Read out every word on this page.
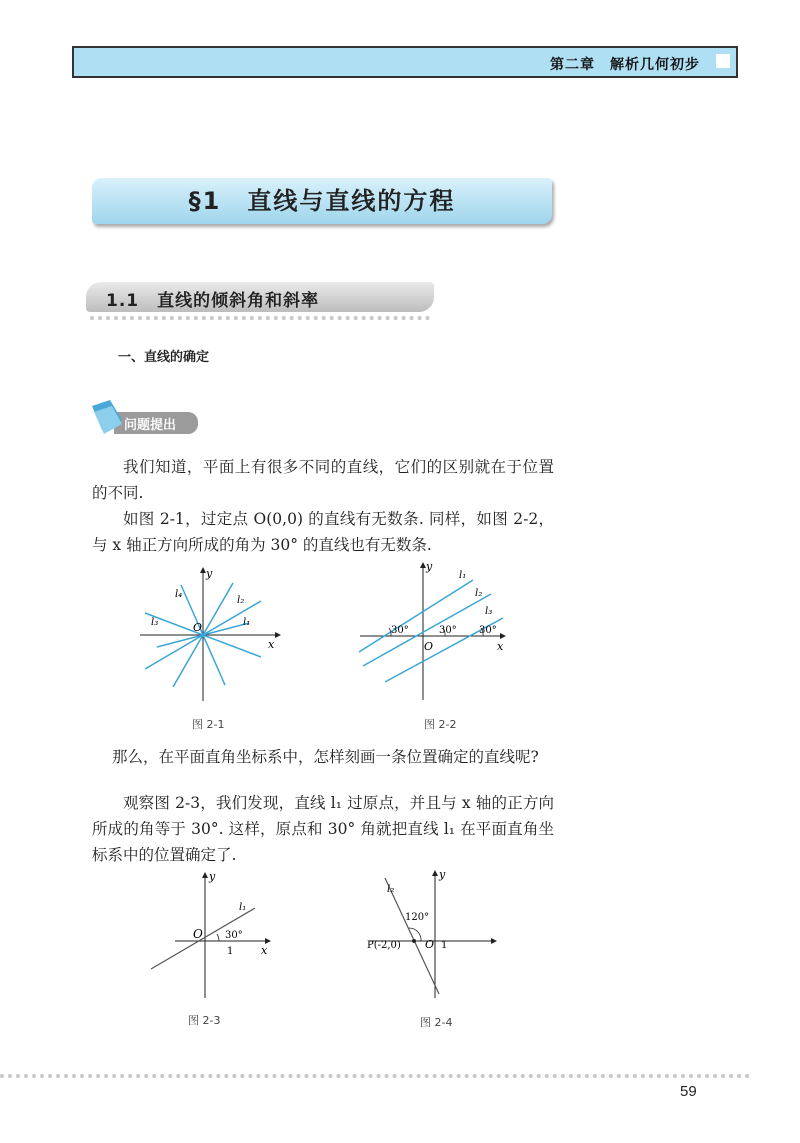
第二章　解析几何初步
§1　直线与直线的方程
1.1　直线的倾斜角和斜率
一、直线的确定
问题提出
我们知道，平面上有很多不同的直线，它们的区别就在于位置的不同.
如图 2-1，过定点 O(0,0) 的直线有无数条. 同样，如图 2-2，与 x 轴正方向所成的角为 30° 的直线也有无数条.
O
x
y
l₂
l₁
l₄
l₃
图 2-1
30°	30° 30°
O	x
y
l₁
l₂
l₃
图 2-2
那么，在平面直角坐标系中，怎样刻画一条位置确定的直线呢?
观察图 2-3，我们发现，直线 l₁ 过原点，并且与 x 轴的正方向所成的角等于 30°. 这样，原点和 30° 角就把直线 l₁ 在平面直角坐标系中的位置确定了.
O 30°
1	x
y
l₁
图 2-3
120°
P(-2,0) O 1
y
l₂
图 2-4
59
